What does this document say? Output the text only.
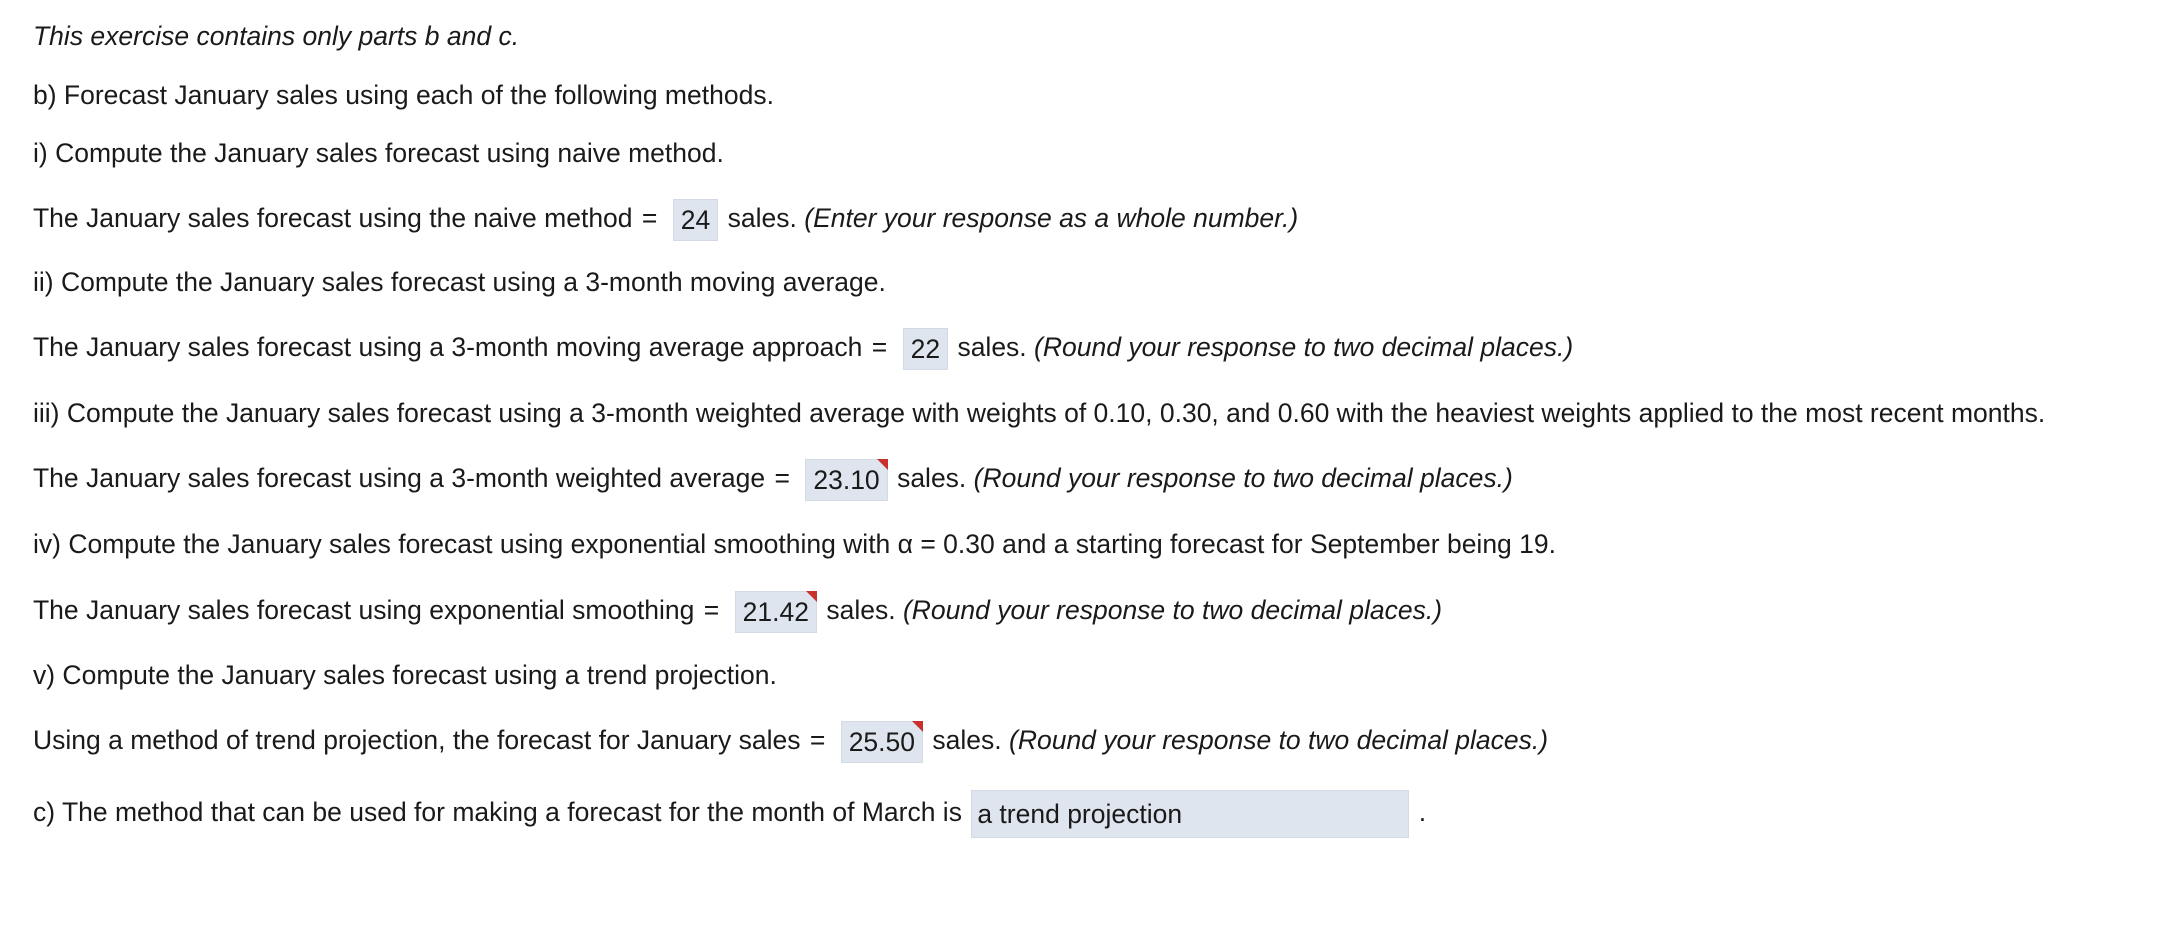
This exercise contains only parts b and c.
b) Forecast January sales using each of the following methods.
i) Compute the January sales forecast using naive method.
The January sales forecast using the naive method = 24 sales. (Enter your response as a whole number.)
ii) Compute the January sales forecast using a 3-month moving average.
The January sales forecast using a 3-month moving average approach = 22 sales. (Round your response to two decimal places.)
iii) Compute the January sales forecast using a 3-month weighted average with weights of 0.10, 0.30, and 0.60 with the heaviest weights applied to the most recent months.
The January sales forecast using a 3-month weighted average = 23.10 sales. (Round your response to two decimal places.)
iv) Compute the January sales forecast using exponential smoothing with α = 0.30 and a starting forecast for September being 19.
The January sales forecast using exponential smoothing = 21.42 sales. (Round your response to two decimal places.)
v) Compute the January sales forecast using a trend projection.
Using a method of trend projection, the forecast for January sales = 25.50 sales. (Round your response to two decimal places.)
c) The method that can be used for making a forecast for the month of March is a trend projection	.
